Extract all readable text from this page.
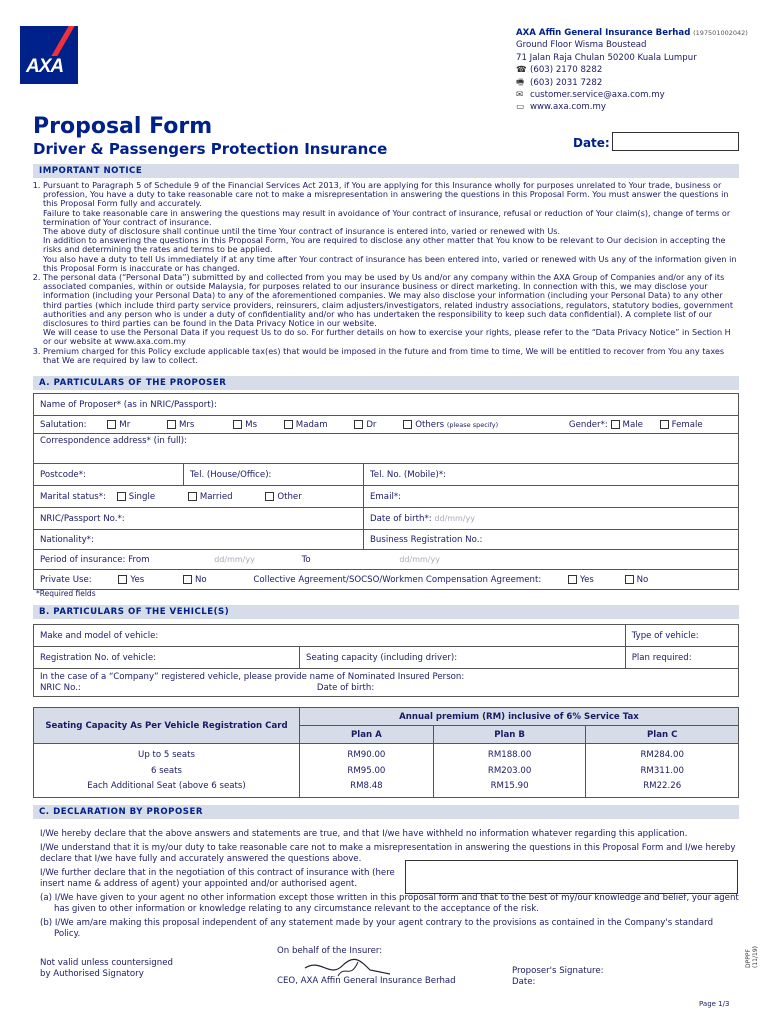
AXA
AXA Affin General Insurance Berhad (197501002042)
Ground Floor Wisma Boustead
71 Jalan Raja Chulan 50200 Kuala Lumpur
☎ (603) 2170 8282
🖷 (603) 2031 7282
✉ customer.service@axa.com.my
▭ www.axa.com.my
Proposal Form
Driver & Passengers Protection Insurance	Date:
IMPORTANT NOTICE

1. Pursuant to Paragraph 5 of Schedule 9 of the Financial Services Act 2013, if You are applying for this Insurance wholly for purposes unrelated to Your trade, business or profession, You have a duty to take reasonable care not to make a misrepresentation in answering the questions in this Proposal Form. You must answer the questions in this Proposal Form fully and accurately.

Failure to take reasonable care in answering the questions may result in avoidance of Your contract of insurance, refusal or reduction of Your claim(s), change of terms or termination of Your contract of insurance.

The above duty of disclosure shall continue until the time Your contract of insurance is entered into, varied or renewed with Us.

In addition to answering the questions in this Proposal Form, You are required to disclose any other matter that You know to be relevant to Our decision in accepting the risks and determining the rates and terms to be applied.

You also have a duty to tell Us immediately if at any time after Your contract of insurance has been entered into, varied or renewed with Us any of the information given in this Proposal Form is inaccurate or has changed.

2. The personal data (“Personal Data”) submitted by and collected from you may be used by Us and/or any company within the AXA Group of Companies and/or any of its associated companies, within or outside Malaysia, for purposes related to our insurance business or direct marketing. In connection with this, we may disclose your information (including your Personal Data) to any of the aforementioned companies. We may also disclose your information (including your Personal Data) to any other third parties (which include third party service providers, reinsurers, claim adjusters/investigators, related industry associations, regulators, statutory bodies, government authorities and any person who is under a duty of confidentiality and/or who has undertaken the responsibility to keep such data confidential). A complete list of our disclosures to third parties can be found in the Data Privacy Notice in our website.

We will cease to use the Personal Data if you request Us to do so. For further details on how to exercise your rights, please refer to the “Data Privacy Notice” in Section H or our website at www.axa.com.my

3. Premium charged for this Policy exclude applicable tax(es) that would be imposed in the future and from time to time, We will be entitled to recover from You any taxes that We are required by law to collect.

A. PARTICULARS OF THE PROPOSER
Name of Proposer* (as in NRIC/Passport):		
Salutation: Mr Mrs Ms Madam Dr Others (please specify) Gender*: Male Female		
Correspondence address* (in full):		
Postcode*:	Tel. (House/Office):	Tel. No. (Mobile)*:
Marital status*: Single Married Other		Email*:
NRIC/Passport No.*:		Date of birth*: dd/mm/yy
Nationality*:		Business Registration No.:
Period of insurance: From dd/mm/yy To dd/mm/yy		
Private Use: Yes No Collective Agreement/SOCSO/Workmen Compensation Agreement: Yes No		
*Required fields
B. PARTICULARS OF THE VEHICLE(S)
Make and model of vehicle:		Type of vehicle:
Registration No. of vehicle:	Seating capacity (including driver):	Plan required:

In the case of a “Company” registered vehicle, please provide name of Nominated Insured Person:
NRIC No.: Date of birth:		
Seating Capacity As Per Vehicle Registration Card	Annual premium (RM) inclusive of 6% Service Tax		
	Plan A	Plan B	Plan C
Up to 5 seats	RM90.00	RM188.00	RM284.00
6 seats	RM95.00	RM203.00	RM311.00
Each Additional Seat (above 6 seats)	RM8.48	RM15.90	RM22.26
C. DECLARATION BY PROPOSER

I/We hereby declare that the above answers and statements are true, and that I/we have withheld no information whatever regarding this application.

I/We understand that it is my/our duty to take reasonable care not to make a misrepresentation in answering the questions in this Proposal Form and I/we hereby declare that I/we have fully and accurately answered the questions above.

I/We further declare that in the negotiation of this contract of insurance with (here insert name & address of agent) your appointed and/or authorised agent.

(a) I/We have given to your agent no other information except those written in this proposal form and that to the best of my/our knowledge and belief, your agent has given to other information or knowledge relating to any circumstance relevant to the acceptance of the risk.

(b) I/We am/are making this proposal independent of any statement made by your agent contrary to the provisions as contained in the Company's standard Policy.

On behalf of the Insurer:
Not valid unless countersigned
by Authorised Signatory
CEO, AXA Affin General Insurance Berhad
Proposer's Signature:
Date:
DPPPF (11/19)
Page 1/3
